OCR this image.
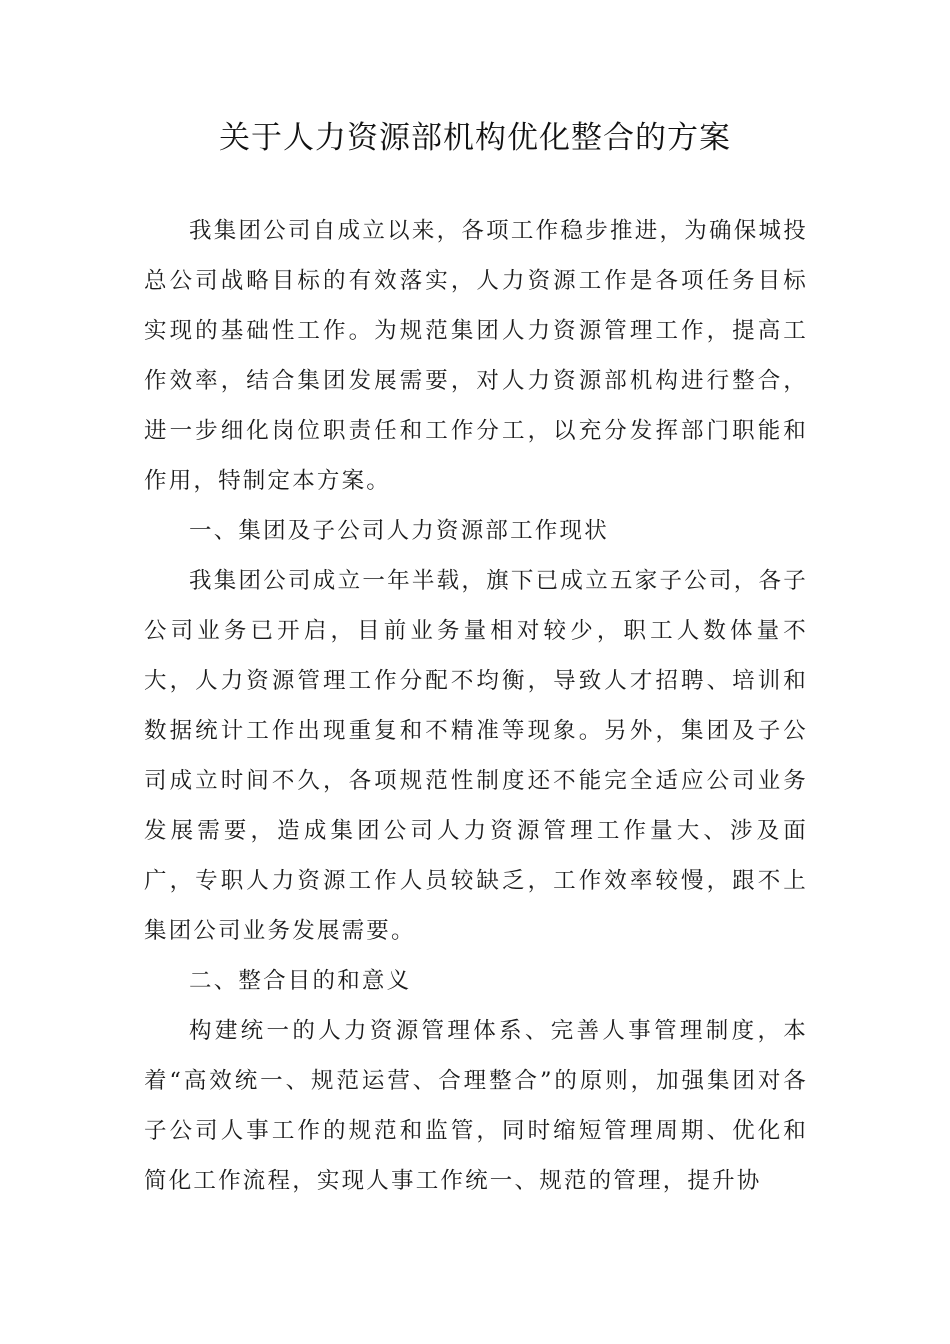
关于人力资源部机构优化整合的方案

我集团公司自成立以来，各项工作稳步推进，为确保城投总公司战略目标的有效落实，人力资源工作是各项任务目标实现的基础性工作。为规范集团人力资源管理工作，提高工作效率，结合集团发展需要，对人力资源部机构进行整合，进一步细化岗位职责任和工作分工，以充分发挥部门职能和作用，特制定本方案。

一、集团及子公司人力资源部工作现状

我集团公司成立一年半载，旗下已成立五家子公司，各子公司业务已开启，目前业务量相对较少，职工人数体量不大，人力资源管理工作分配不均衡，导致人才招聘、培训和数据统计工作出现重复和不精准等现象。另外，集团及子公司成立时间不久，各项规范性制度还不能完全适应公司业务发展需要，造成集团公司人力资源管理工作量大、涉及面广，专职人力资源工作人员较缺乏，工作效率较慢，跟不上集团公司业务发展需要。

二、整合目的和意义

构建统一的人力资源管理体系、完善人事管理制度，本着“高效统一、规范运营、合理整合”的原则，加强集团对各子公司人事工作的规范和监管，同时缩短管理周期、优化和简化工作流程，实现人事工作统一、规范的管理，提升协
